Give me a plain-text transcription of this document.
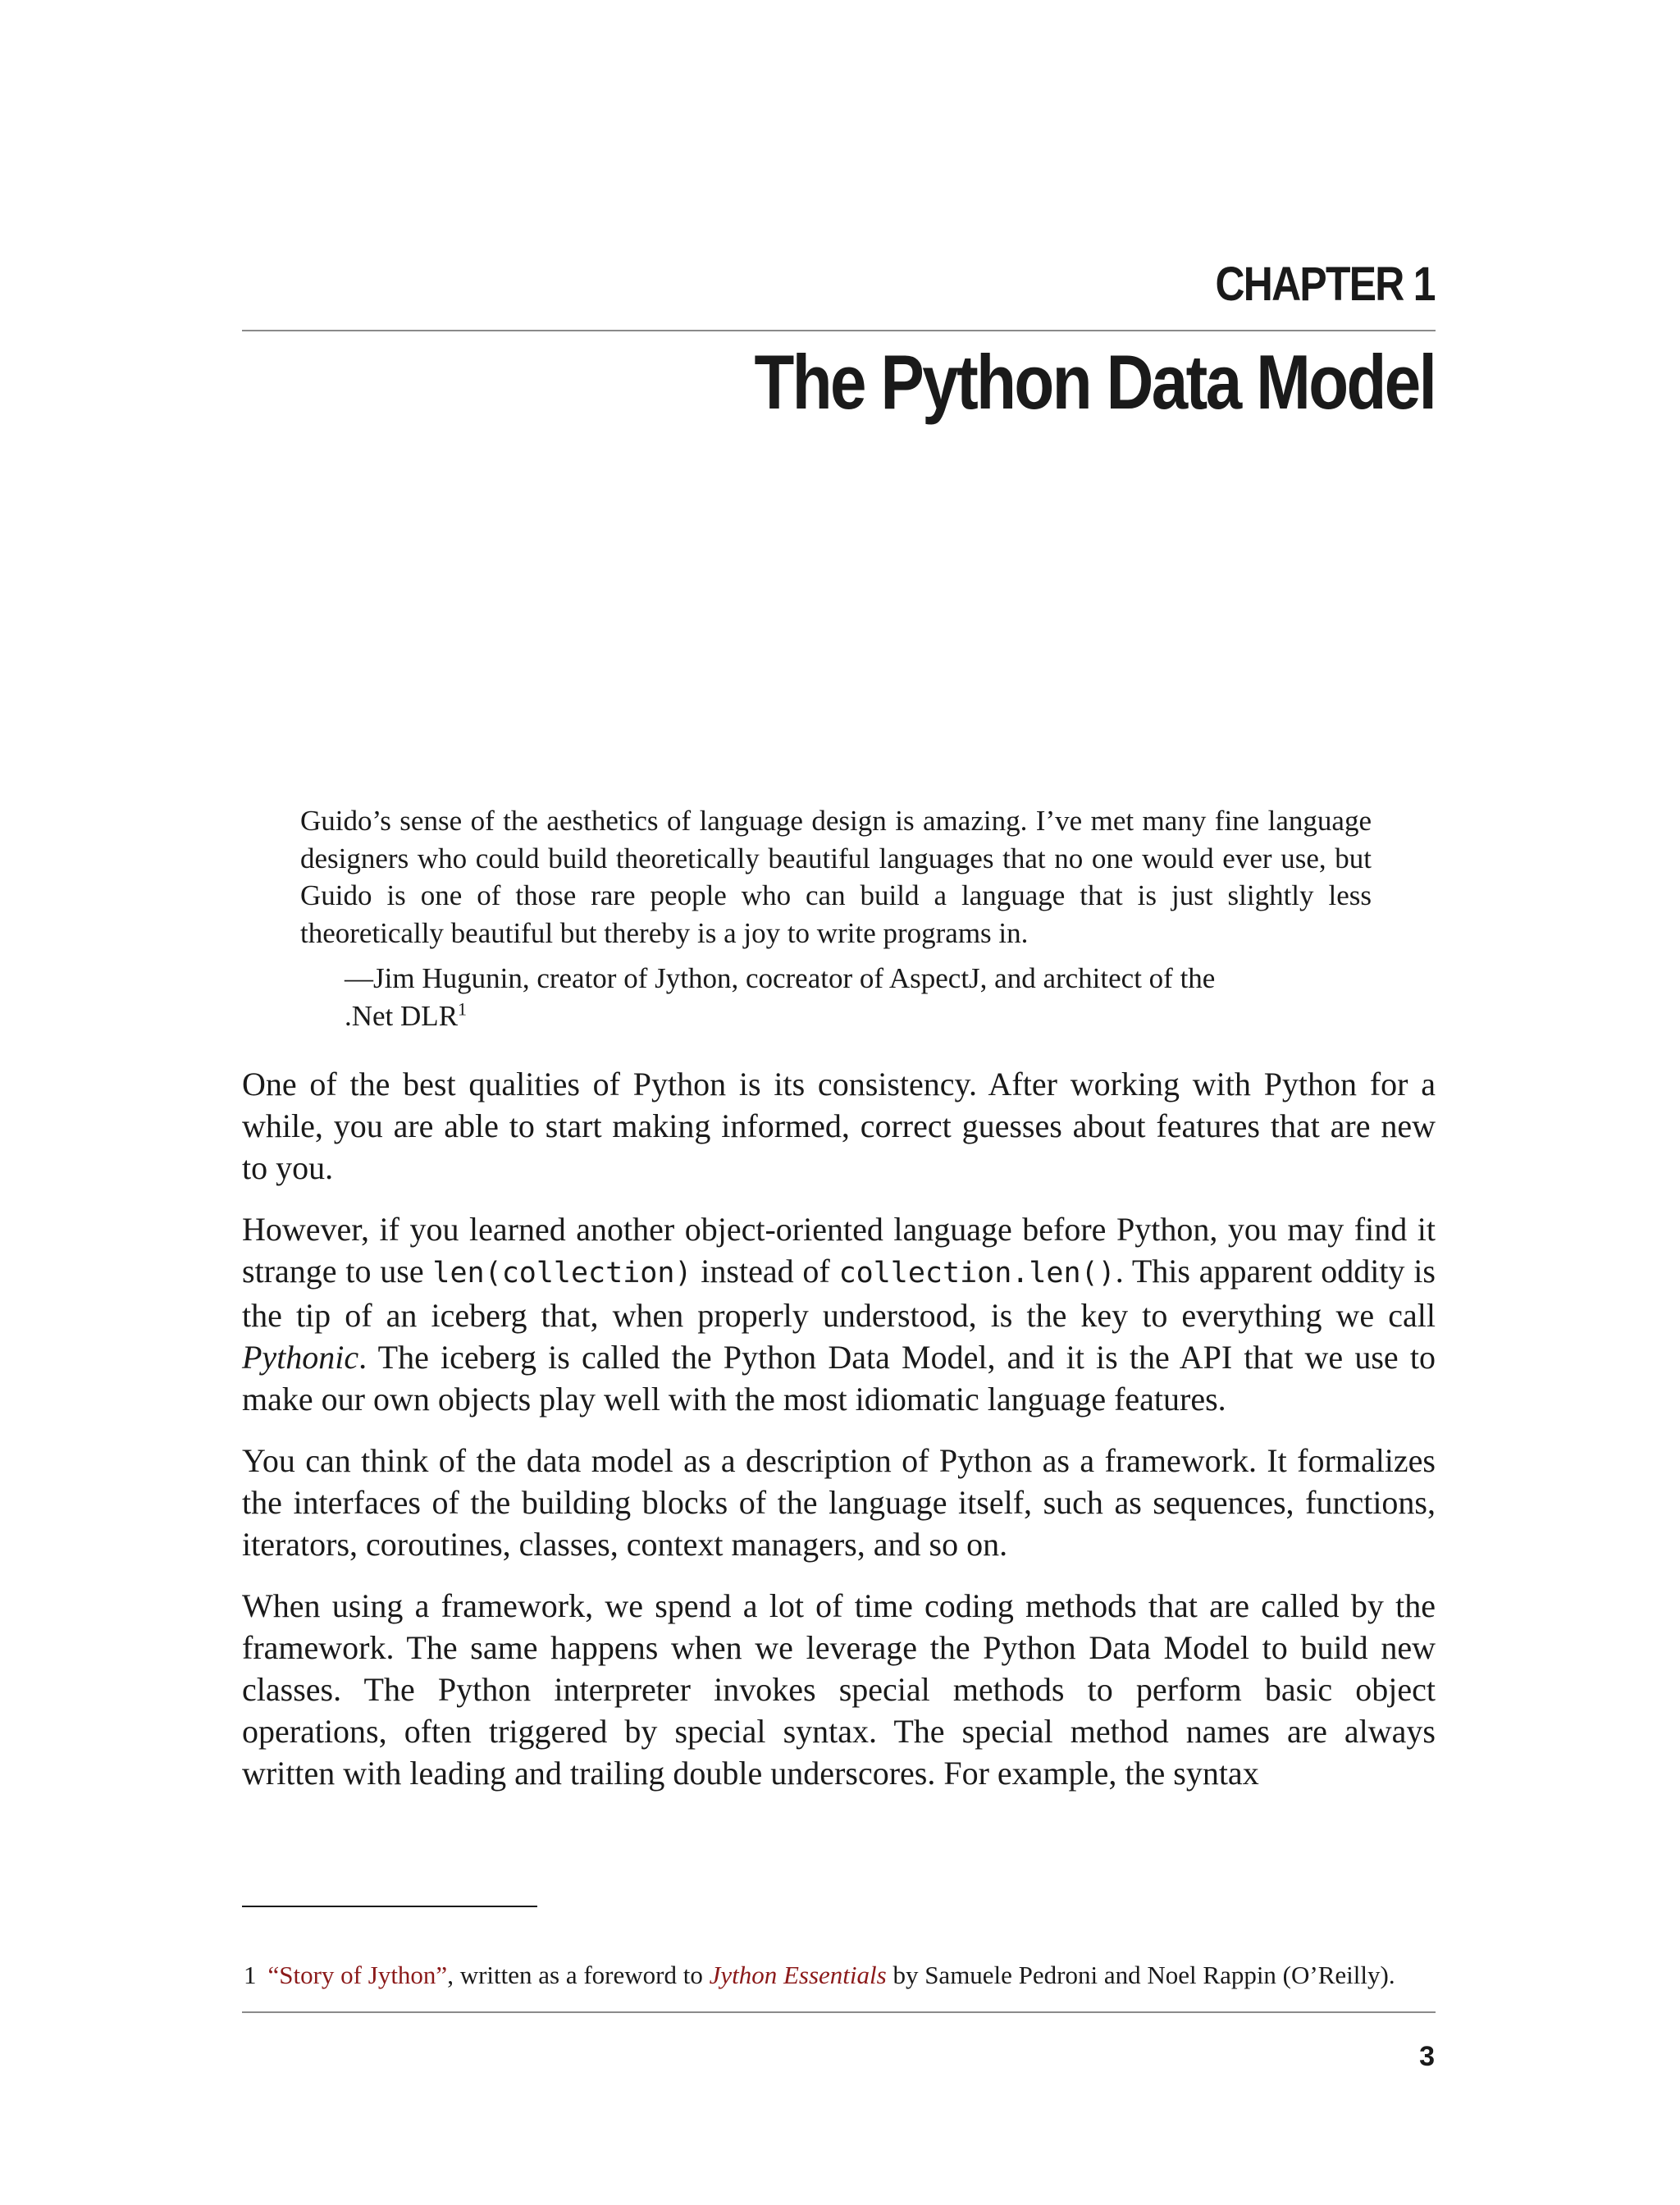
CHAPTER 1
The Python Data Model

Guido’s sense of the aesthetics of language design is amazing. I’ve met many fine language designers who could build theoretically beautiful languages that no one would ever use, but Guido is one of those rare people who can build a language that is just slightly less theoretically beautiful but thereby is a joy to write programs in.

—Jim Hugunin, creator of Jython, cocreator of AspectJ, and architect of the .Net DLR$^1$

One of the best qualities of Python is its consistency. After working with Python for a while, you are able to start making informed, correct guesses about features that are new to you.

However, if you learned another object-oriented language before Python, you may find it strange to use len(collection) instead of collection.len(). This apparent oddity is the tip of an iceberg that, when properly understood, is the key to everything we call Pythonic. The iceberg is called the Python Data Model, and it is the API that we use to make our own objects play well with the most idiomatic language features.

You can think of the data model as a description of Python as a framework. It formalizes the interfaces of the building blocks of the language itself, such as sequences, functions, iterators, coroutines, classes, context managers, and so on.

When using a framework, we spend a lot of time coding methods that are called by the framework. The same happens when we leverage the Python Data Model to build new classes. The Python interpreter invokes special methods to perform basic object operations, often triggered by special syntax. The special method names are always written with leading and trailing double underscores. For example, the syntax

1 “Story of Jython”, written as a foreword to Jython Essentials by Samuele Pedroni and Noel Rappin (O’Reilly).
3
